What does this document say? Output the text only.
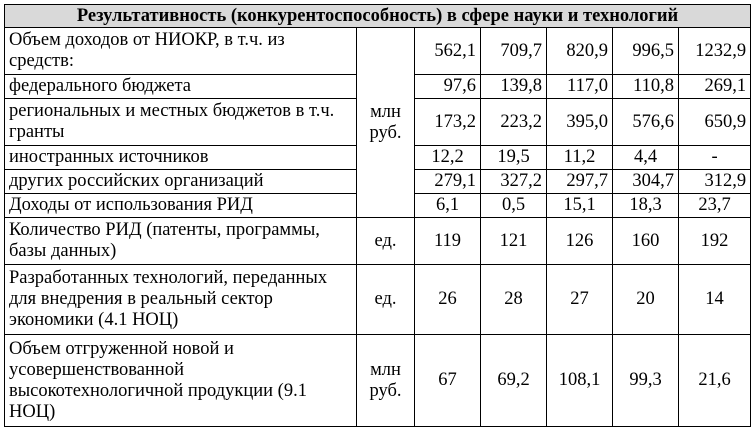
Результативность (конкурентоспособность) в сфере науки и технологий						
Объем доходов от НИОКР, в т.ч. из средств:	млн руб.	562,1	709,7	820,9	996,5	1232,9
федерального бюджета		97,6	139,8	117,0	110,8	269,1
региональных и местных бюджетов в т.ч. гранты		173,2	223,2	395,0	576,6	650,9
иностранных источников		12,2	19,5	11,2	4,4	-
других российских организаций		279,1	327,2	297,7	304,7	312,9
Доходы от использования РИД		6,1	0,5	15,1	18,3	23,7
Количество РИД (патенты, программы, базы данных)	ед.	119	121	126	160	192
Разработанных технологий, переданных для внедрения в реальный сектор экономики (4.1 НОЦ)	ед.	26	28	27	20	14
Объем отгруженной новой и усовершенствованной высокотехнологичной продукции (9.1 НОЦ)	млн руб.	67	69,2	108,1	99,3	21,6
